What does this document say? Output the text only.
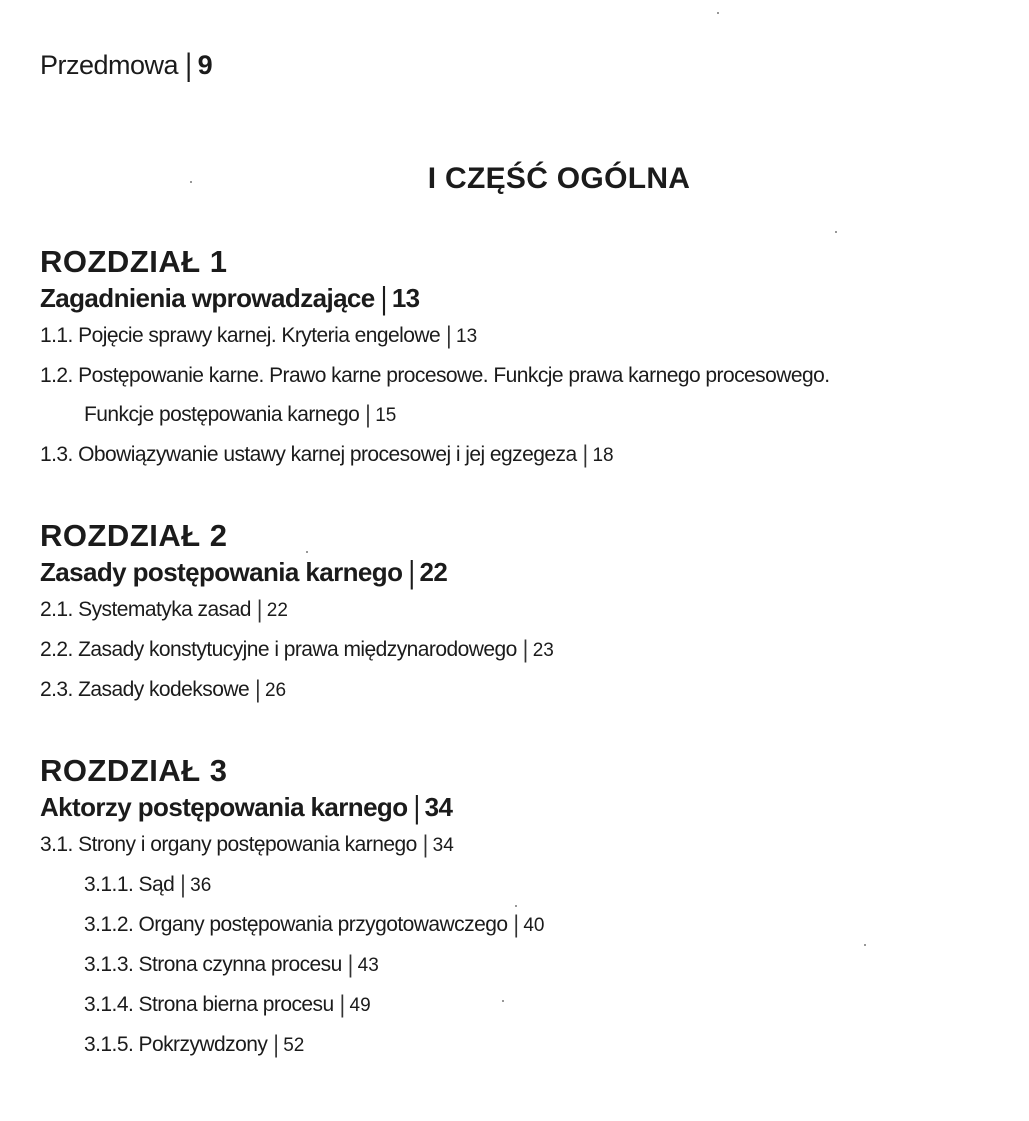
Przedmowa | 9
I CZĘŚĆ OGÓLNA
ROZDZIAŁ 1
Zagadnienia wprowadzające | 13
1.1. Pojęcie sprawy karnej. Kryteria engelowe | 13
1.2. Postępowanie karne. Prawo karne procesowe. Funkcje prawa karnego procesowego.
Funkcje postępowania karnego | 15
1.3. Obowiązywanie ustawy karnej procesowej i jej egzegeza | 18
ROZDZIAŁ 2
Zasady postępowania karnego | 22
2.1. Systematyka zasad | 22
2.2. Zasady konstytucyjne i prawa międzynarodowego | 23
2.3. Zasady kodeksowe | 26
ROZDZIAŁ 3
Aktorzy postępowania karnego | 34
3.1. Strony i organy postępowania karnego | 34
3.1.1. Sąd | 36
3.1.2. Organy postępowania przygotowawczego | 40
3.1.3. Strona czynna procesu | 43
3.1.4. Strona bierna procesu | 49
3.1.5. Pokrzywdzony | 52
